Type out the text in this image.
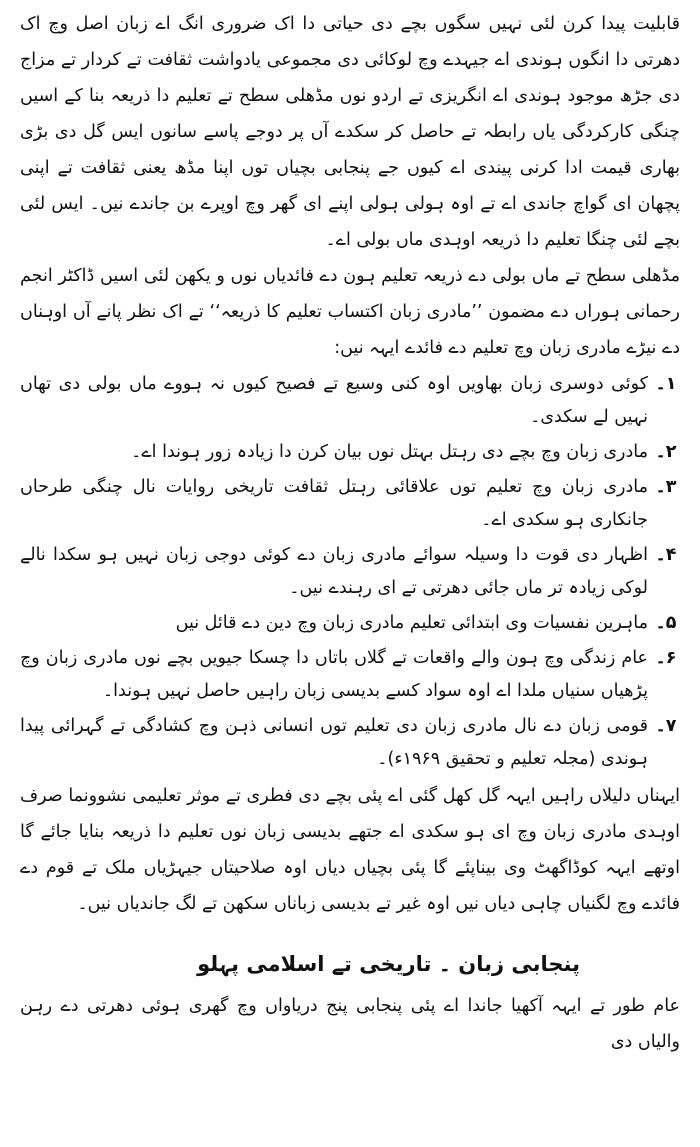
قابلیت پیدا کرن لئی نہیں سگوں بچے دی حیاتی دا اک ضروری انگ اے زبان اصل وچ اک دھرتی دا انگوں ہوندی اے جیہدے وچ لوکائی دی مجموعی یادواشت ثقافت تے کردار تے مزاج دی جڑھ موجود ہوندی اے انگریزی تے اردو نوں مڈھلی سطح تے تعلیم دا ذریعہ بنا کے اسیں چنگی کارکردگی یاں رابطہ تے حاصل کر سکدے آں پر دوجے پاسے سانوں ایس گل دی بڑی بھاری قیمت ادا کرنی پیندی اے کیوں جے پنجابی بچیاں توں اپنا مڈھ یعنی ثقافت تے اپنی پچھان ای گواچ جاندی اے تے اوہ ہولی ہولی اپنے ای گھر وچ اوپرے بن جاندے نیں۔ ایس لئی بچے لئی چنگا تعلیم دا ذریعہ اوہدی ماں بولی اے۔

مڈھلی سطح تے ماں بولی دے ذریعہ تعلیم ہون دے فائدیاں نوں و یکھن لئی اسیں ڈاکٹر انجم رحمانی ہوراں دے مضمون ’’مادری زبان اکتساب تعلیم کا ذریعہ‘‘ تے اک نظر پانے آں اوہناں دے نیڑے مادری زبان وچ تعلیم دے فائدے ایہہ نیں:

۱۔
کوئی دوسری زبان بھاویں اوہ کنی وسیع تے فصیح کیوں نہ ہووے ماں بولی دی تھاں نہیں لے سکدی۔
۲۔
مادری زبان وچ بچے دی رہتل بہتل نوں بیان کرن دا زیادہ زور ہوندا اے۔
۳۔
مادری زبان وچ تعلیم توں علاقائی رہتل ثقافت تاریخی روایات نال چنگی طرحاں جانکاری ہو سکدی اے۔
۴۔
اظہار دی قوت دا وسیلہ سوائے مادری زبان دے کوئی دوجی زبان نہیں ہو سکدا نالے لوکی زیادہ تر ماں جائی دھرتی تے ای رہندے نیں۔
۵۔
ماہرین نفسیات وی ابتدائی تعلیم مادری زبان وچ دین دے قائل نیں
۶۔
عام زندگی وچ ہون والے واقعات تے گلاں باتاں دا چسکا جیویں بچے نوں مادری زبان وچ پڑھیاں سنیاں ملدا اے اوہ سواد کسے بدیسی زبان راہیں حاصل نہیں ہوندا۔
۷۔
قومی زبان دے نال مادری زبان دی تعلیم توں انسانی ذہن وچ کشادگی تے گہرائی پیدا ہوندی (مجلہ تعلیم و تحقیق ۱۹۶۹ء)۔

ایہناں دلیلاں راہیں ایہہ گل کھل گئی اے پئی بچے دی فطری تے موثر تعلیمی نشوونما صرف اوہدی مادری زبان وچ ای ہو سکدی اے جتھے بدیسی زبان نوں تعلیم دا ذریعہ بنایا جائے گا اوتھے ایہہ کوڈاگھٹ وی بیناپئے گا پئی بچیاں دیاں اوہ صلاحیتاں جیہڑیاں ملک تے قوم دے فائدے وچ لگنیاں چاہی دیاں نیں اوہ غیر تے بدیسی زباناں سکھن تے لگ جاندیاں نیں۔

پنجابی زبان ۔ تاریخی تے اسلامی پہلو

عام طور تے ایہہ آکھیا جاندا اے پئی پنجابی پنج دریاواں وچ گھری ہوئی دھرتی دے رہن والیاں دی
